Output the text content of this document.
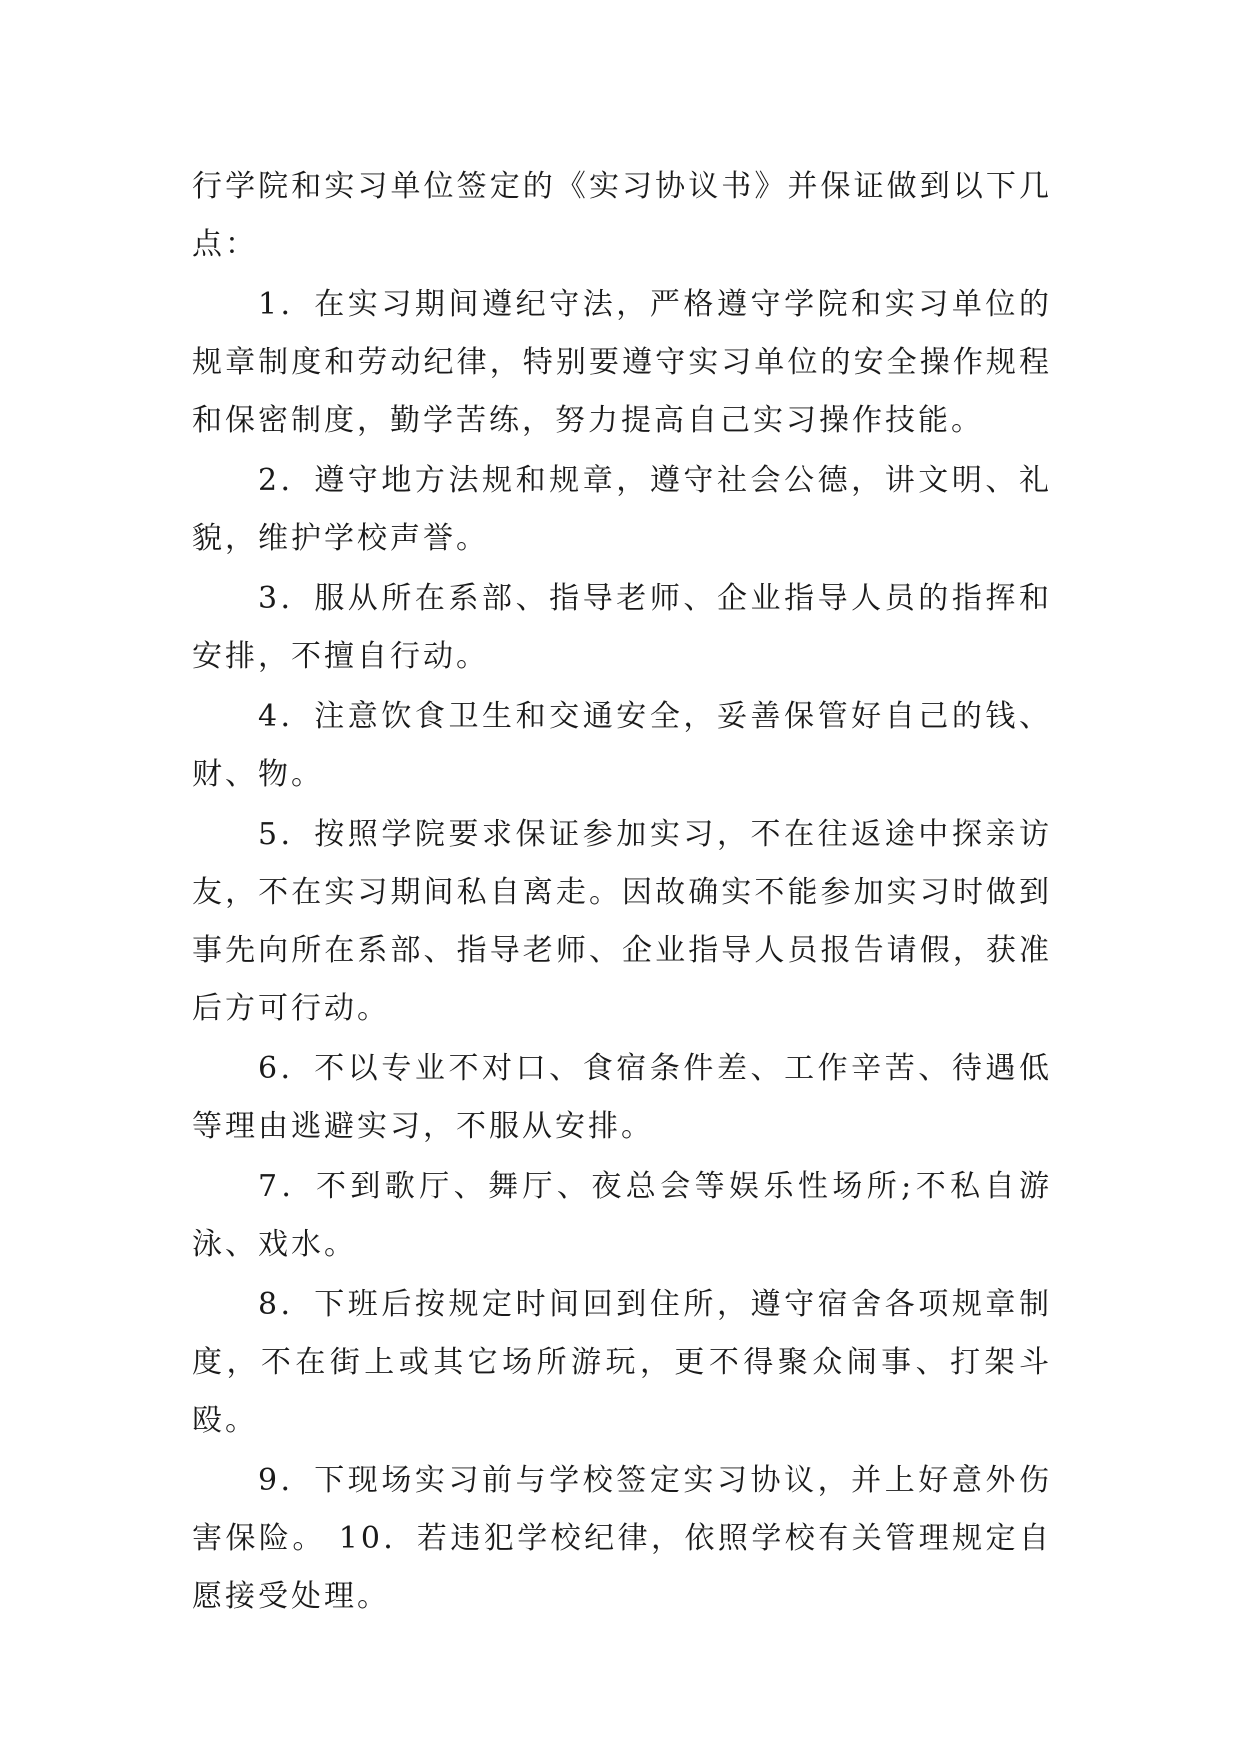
行学院和实习单位签定的《实习协议书》并保证做到以下几点：

1．在实习期间遵纪守法，严格遵守学院和实习单位的规章制度和劳动纪律，特别要遵守实习单位的安全操作规程和保密制度，勤学苦练，努力提高自己实习操作技能。

2．遵守地方法规和规章，遵守社会公德，讲文明、礼貌，维护学校声誉。

3．服从所在系部、指导老师、企业指导人员的指挥和安排，不擅自行动。

4．注意饮食卫生和交通安全，妥善保管好自己的钱、财、物。

5．按照学院要求保证参加实习，不在往返途中探亲访友，不在实习期间私自离走。因故确实不能参加实习时做到事先向所在系部、指导老师、企业指导人员报告请假，获准后方可行动。

6．不以专业不对口、食宿条件差、工作辛苦、待遇低等理由逃避实习，不服从安排。

7．不到歌厅、舞厅、夜总会等娱乐性场所;不私自游泳、戏水。

8．下班后按规定时间回到住所，遵守宿舍各项规章制度，不在街上或其它场所游玩，更不得聚众闹事、打架斗殴。

9．下现场实习前与学校签定实习协议，并上好意外伤害保险。 10．若违犯学校纪律，依照学校有关管理规定自愿接受处理。
